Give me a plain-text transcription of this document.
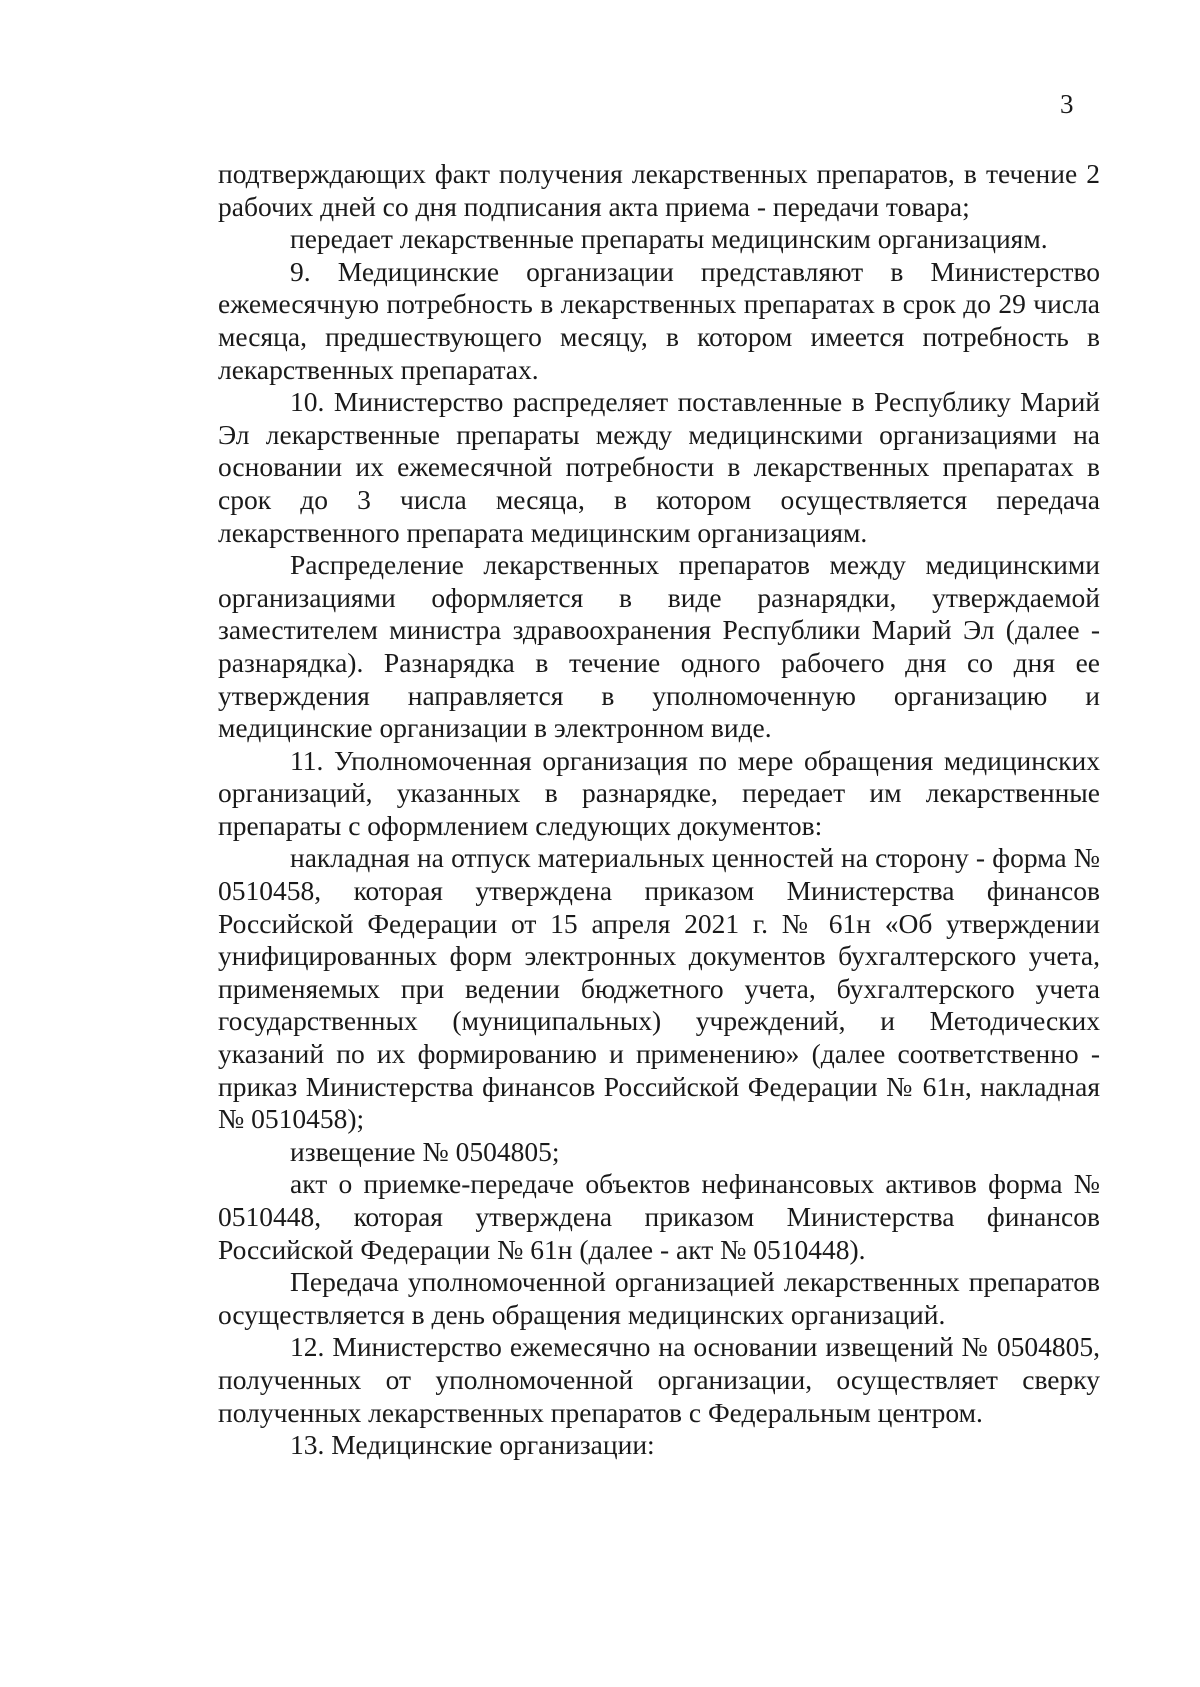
3

подтверждающих факт получения лекарственных препаратов, в течение 2 рабочих дней со дня подписания акта приема - передачи товара;

передает лекарственные препараты медицинским организациям.

9. Медицинские организации представляют в Министерство ежемесячную потребность в лекарственных препаратах в срок до 29 числа месяца, предшествующего месяцу, в котором имеется потребность в лекарственных препаратах.

10. Министерство распределяет поставленные в Республику Марий Эл лекарственные препараты между медицинскими организациями на основании их ежемесячной потребности в лекарственных препаратах в срок до 3 числа месяца, в котором осуществляется передача лекарственного препарата медицинским организациям.

Распределение лекарственных препаратов между медицинскими организациями оформляется в виде разнарядки, утверждаемой заместителем министра здравоохранения Республики Марий Эл (далее - разнарядка). Разнарядка в течение одного рабочего дня со дня ее утверждения направляется в уполномоченную организацию и медицинские организации в электронном виде.

11. Уполномоченная организация по мере обращения медицинских организаций, указанных в разнарядке, передает им лекарственные препараты с оформлением следующих документов:

накладная на отпуск материальных ценностей на сторону - форма № 0510458, которая утверждена приказом Министерства финансов Российской Федерации от 15 апреля 2021 г. № 61н «Об утверждении унифицированных форм электронных документов бухгалтерского учета, применяемых при ведении бюджетного учета, бухгалтерского учета государственных (муниципальных) учреждений, и Методических указаний по их формированию и применению» (далее соответственно - приказ Министерства финансов Российской Федерации № 61н, накладная № 0510458);

извещение № 0504805;

акт о приемке-передаче объектов нефинансовых активов форма № 0510448, которая утверждена приказом Министерства финансов Российской Федерации № 61н (далее - акт № 0510448).

Передача уполномоченной организацией лекарственных препаратов осуществляется в день обращения медицинских организаций.

12. Министерство ежемесячно на основании извещений № 0504805, полученных от уполномоченной организации, осуществляет сверку полученных лекарственных препаратов с Федеральным центром.

13. Медицинские организации:
